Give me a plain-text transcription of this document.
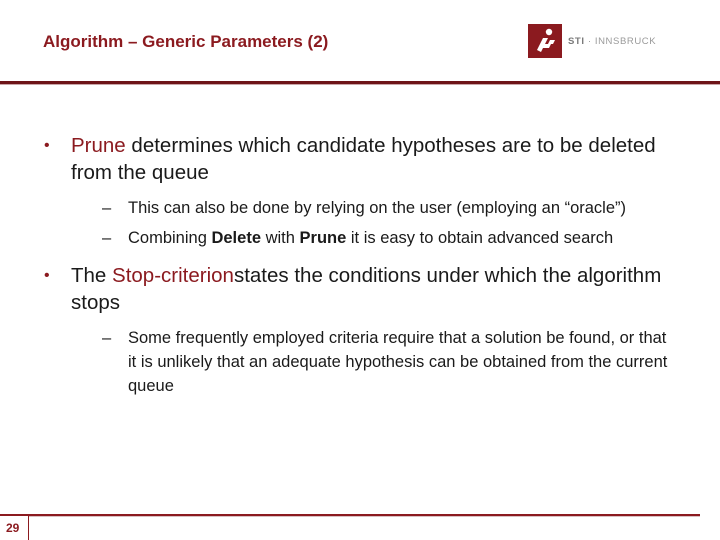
Algorithm – Generic Parameters (2)	STI · INNSBRUCK
• Prune determines which candidate hypotheses are to be deleted from the queue
– This can also be done by relying on the user (employing an “oracle”)
– Combining Delete with Prune it is easy to obtain advanced search
• The Stop-criterionstates the conditions under which the algorithm stops
– Some frequently employed criteria require that a solution be found, or that it is unlikely that an adequate hypothesis can be obtained from the current queue
29
